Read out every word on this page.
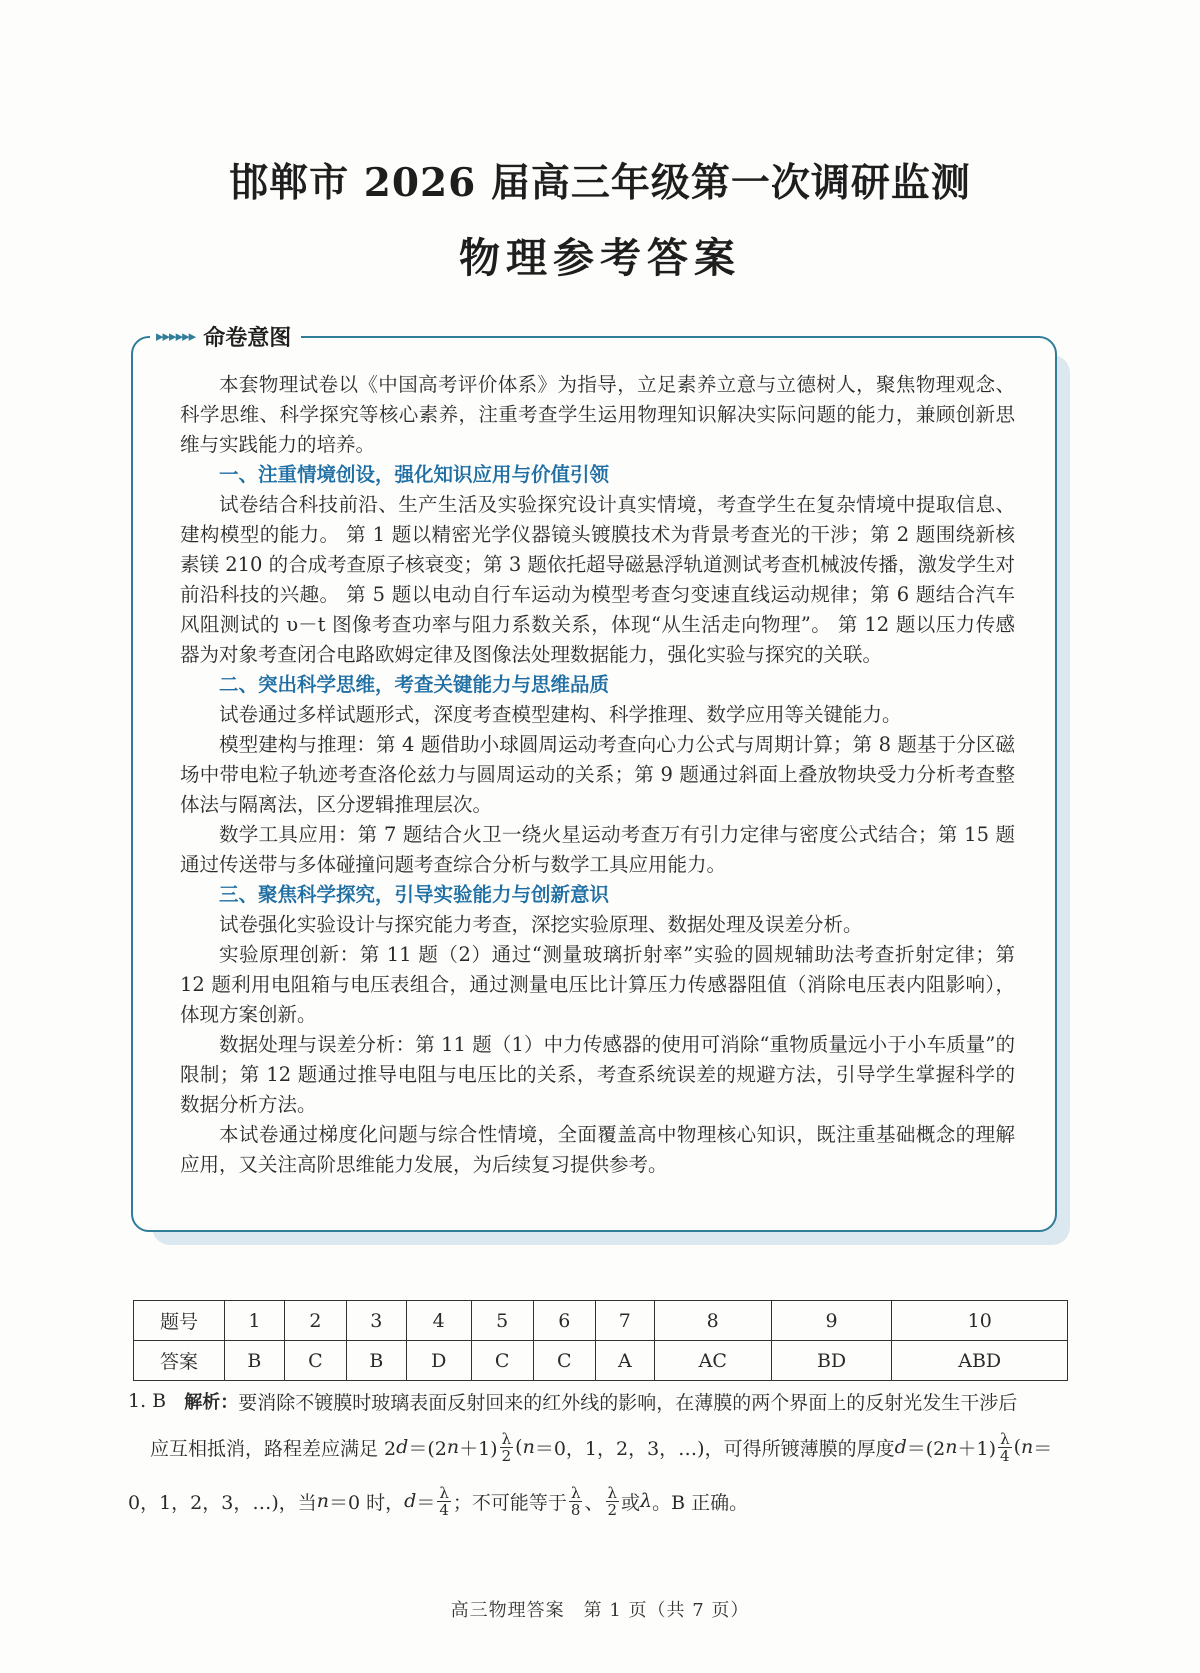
邯郸市 2026 届高三年级第一次调研监测
物理参考答案
▸▸▸▸▸▸ 命卷意图

本套物理试卷以《中国高考评价体系》为指导，立足素养立意与立德树人，聚焦物理观念、科学思维、科学探究等核心素养，注重考查学生运用物理知识解决实际问题的能力，兼顾创新思维与实践能力的培养。

一、注重情境创设，强化知识应用与价值引领

试卷结合科技前沿、生产生活及实验探究设计真实情境，考查学生在复杂情境中提取信息、建构模型的能力。 第 1 题以精密光学仪器镜头镀膜技术为背景考查光的干涉；第 2 题围绕新核素镁 210 的合成考查原子核衰变；第 3 题依托超导磁悬浮轨道测试考查机械波传播，激发学生对前沿科技的兴趣。 第 5 题以电动自行车运动为模型考查匀变速直线运动规律；第 6 题结合汽车风阻测试的 υ－t 图像考查功率与阻力系数关系，体现“从生活走向物理”。 第 12 题以压力传感器为对象考查闭合电路欧姆定律及图像法处理数据能力，强化实验与探究的关联。

二、突出科学思维，考查关键能力与思维品质

试卷通过多样试题形式，深度考查模型建构、科学推理、数学应用等关键能力。

模型建构与推理：第 4 题借助小球圆周运动考查向心力公式与周期计算；第 8 题基于分区磁场中带电粒子轨迹考查洛伦兹力与圆周运动的关系；第 9 题通过斜面上叠放物块受力分析考查整体法与隔离法，区分逻辑推理层次。

数学工具应用：第 7 题结合火卫一绕火星运动考查万有引力定律与密度公式结合；第 15 题通过传送带与多体碰撞问题考查综合分析与数学工具应用能力。

三、聚焦科学探究，引导实验能力与创新意识

试卷强化实验设计与探究能力考查，深挖实验原理、数据处理及误差分析。

实验原理创新：第 11 题（2）通过“测量玻璃折射率”实验的圆规辅助法考查折射定律；第 12 题利用电阻箱与电压表组合，通过测量电压比计算压力传感器阻值（消除电压表内阻影响），体现方案创新。

数据处理与误差分析：第 11 题（1）中力传感器的使用可消除“重物质量远小于小车质量”的限制；第 12 题通过推导电阻与电压比的关系，考查系统误差的规避方法，引导学生掌握科学的数据分析方法。

本试卷通过梯度化问题与综合性情境，全面覆盖高中物理核心知识，既注重基础概念的理解应用，又关注高阶思维能力发展，为后续复习提供参考。

题号	1	2	3	4	5	6	7	8	9	10
答案	B	C	B	D	C	C	A	AC	BD	ABD
1. B
解析： 要消除不镀膜时玻璃表面反射回来的红外线的影响，在薄膜的两个界面上的反射光发生干涉后
应互相抵消，路程差应满足 2 d ＝(2 $n +1) \frac{\lambda}{2}$ ( n ＝0，1，2，3，…)，可得所镀薄膜的厚度 d ＝(2 $n +1) \frac{\lambda}{4}$ ( n ＝
0，1，2，3，…)，当 n ＝0 时， $d = \frac{\lambda}{4}$ ；不可能等于 $\frac{\lambda}{8}$ 、 $\frac{\lambda}{2}$ 或 λ 。B 正确。
高三物理答案　第 1 页（共 7 页）
